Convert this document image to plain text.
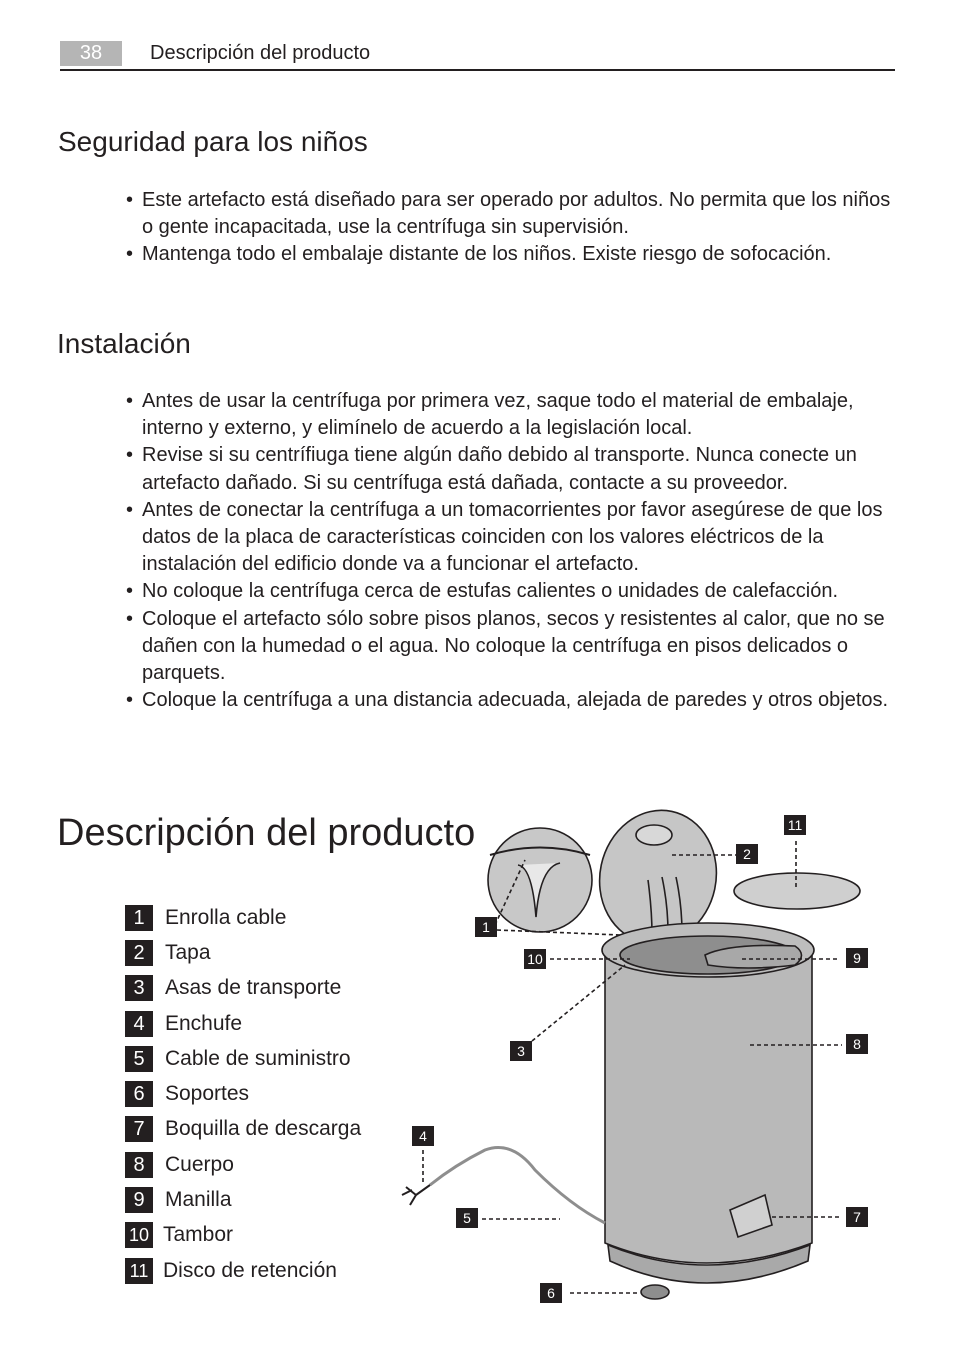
38	Descripción del producto
Seguridad para los niños
• Este artefacto está diseñado para ser operado por adultos. No permita que los niños o gente incapacitada, use la centrífuga sin supervisión.
• Mantenga todo el embalaje distante de los niños. Existe riesgo de sofocación.
Instalación
• Antes de usar la centrífuga por primera vez, saque todo el material de embalaje, interno y externo, y elimínelo de acuerdo a la legislación local.
• Revise si su centrífiuga tiene algún daño debido al transporte. Nunca conecte un artefacto dañado. Si su centrífuga está dañada, contacte a su proveedor.
• Antes de conectar la centrífuga a un tomacorrientes por favor asegúrese de que los datos de la placa de características coinciden con los valores eléctricos de la instalación del edificio donde va a funcionar el artefacto.
• No coloque la centrífuga cerca de estufas calientes o unidades de calefacción.
• Coloque el artefacto sólo sobre pisos planos, secos y resistentes al calor, que no se dañen con la humedad o el agua. No coloque la centrífuga en pisos delicados o parquets.
• Coloque la centrífuga a una distancia adecuada, alejada de paredes y otros objetos.
Descripción del producto
1 Enrolla cable
2 Tapa
3 Asas de transporte
4 Enchufe
5 Cable de suministro
6 Soportes
7 Boquilla de descarga
8 Cuerpo
9 Manilla
10 Tambor
11 Disco de retención
11
2
1
10	9
3	8
4
5	7
6
